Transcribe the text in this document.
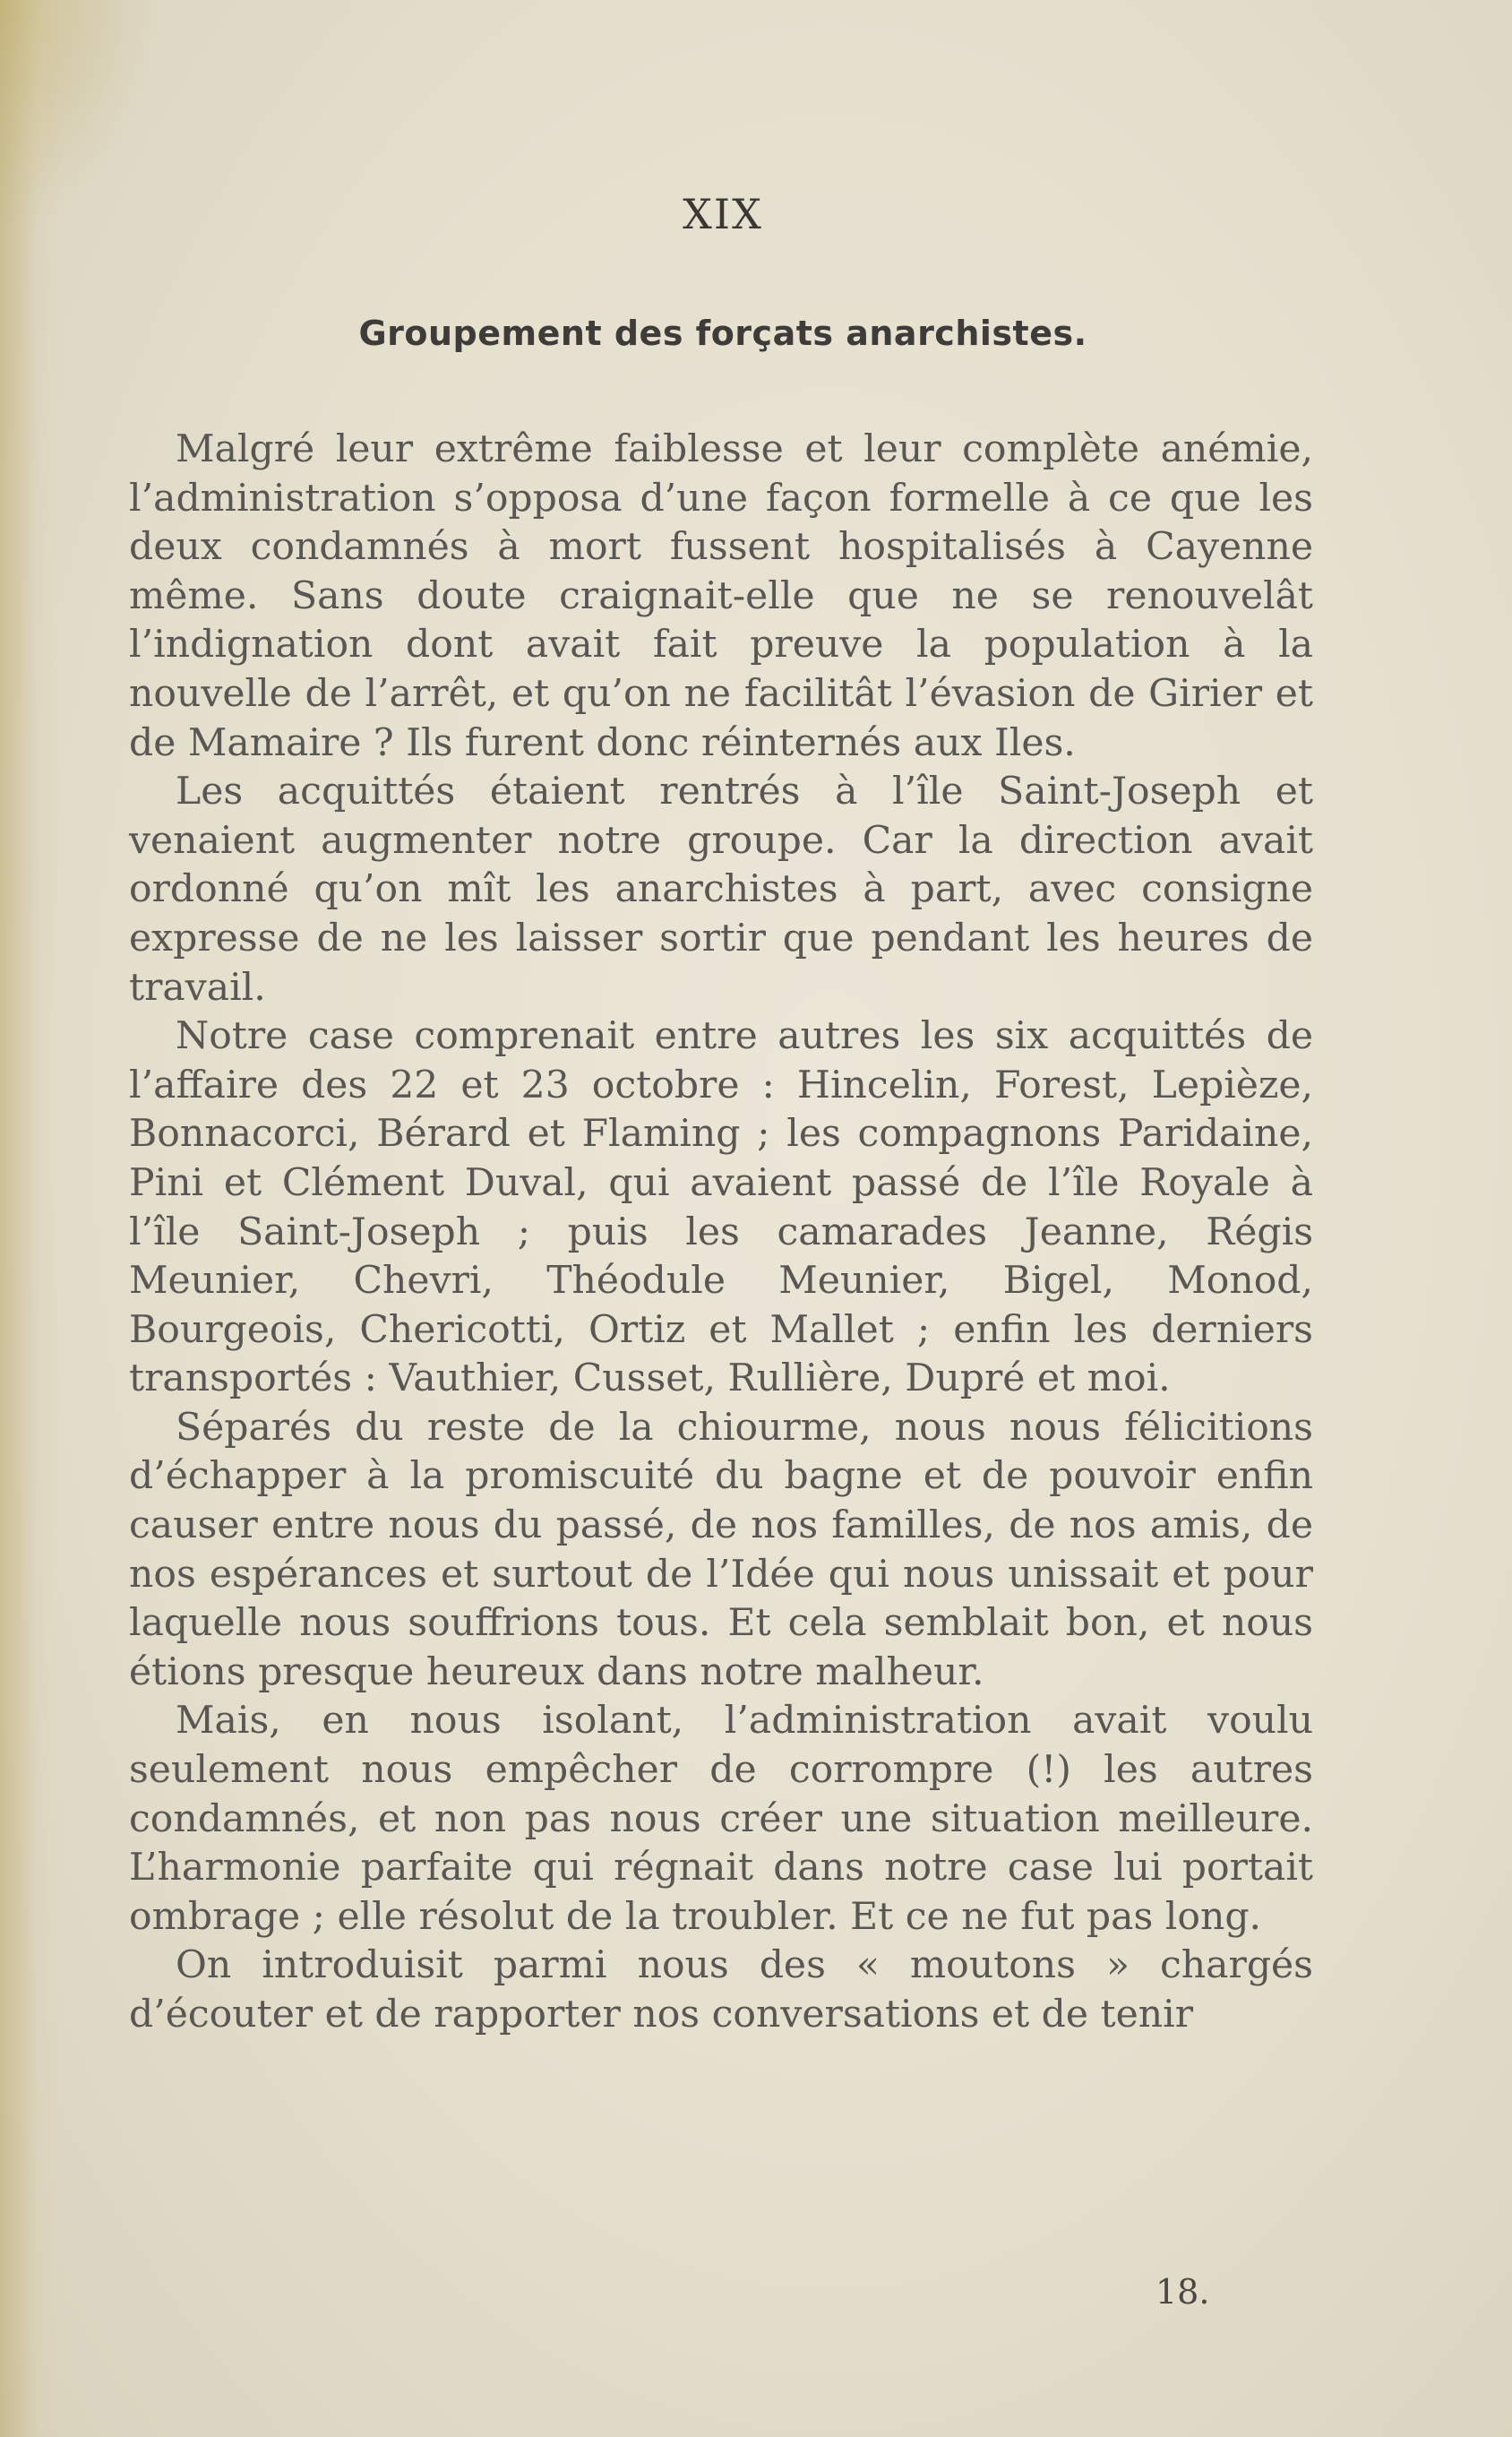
XIX
Groupement des forçats anarchistes.

Malgré leur extrême faiblesse et leur complète anémie, l’administration s’opposa d’une façon formelle à ce que les deux condamnés à mort fussent hospitalisés à Cayenne même. Sans doute craignait-elle que ne se renouvelât l’indignation dont avait fait preuve la population à la nouvelle de l’arrêt, et qu’on ne facilitât l’évasion de Girier et de Mamaire ? Ils furent donc réinternés aux Iles.

Les acquittés étaient rentrés à l’île Saint-Joseph et venaient augmenter notre groupe. Car la direction avait ordonné qu’on mît les anarchistes à part, avec consigne expresse de ne les laisser sortir que pendant les heures de travail.

Notre case comprenait entre autres les six acquittés de l’affaire des 22 et 23 octobre : Hincelin, Forest, Lepièze, Bonnacorci, Bérard et Flaming ; les compagnons Paridaine, Pini et Clément Duval, qui avaient passé de l’île Royale à l’île Saint-Joseph ; puis les camarades Jeanne, Régis Meunier, Chevri, Théodule Meunier, Bigel, Monod, Bourgeois, Chericotti, Ortiz et Mallet ; enfin les derniers transportés : Vauthier, Cusset, Rullière, Dupré et moi.

Séparés du reste de la chiourme, nous nous félicitions d’échapper à la promiscuité du bagne et de pouvoir enfin causer entre nous du passé, de nos familles, de nos amis, de nos espérances et surtout de l’Idée qui nous unissait et pour laquelle nous souffrions tous. Et cela semblait bon, et nous étions presque heureux dans notre malheur.

Mais, en nous isolant, l’administration avait voulu seulement nous empêcher de corrompre (!) les autres condamnés, et non pas nous créer une situation meilleure. L’harmonie parfaite qui régnait dans notre case lui portait ombrage ; elle résolut de la troubler. Et ce ne fut pas long.

On introduisit parmi nous des « moutons » chargés d’écouter et de rapporter nos conversations et de tenir

18.
